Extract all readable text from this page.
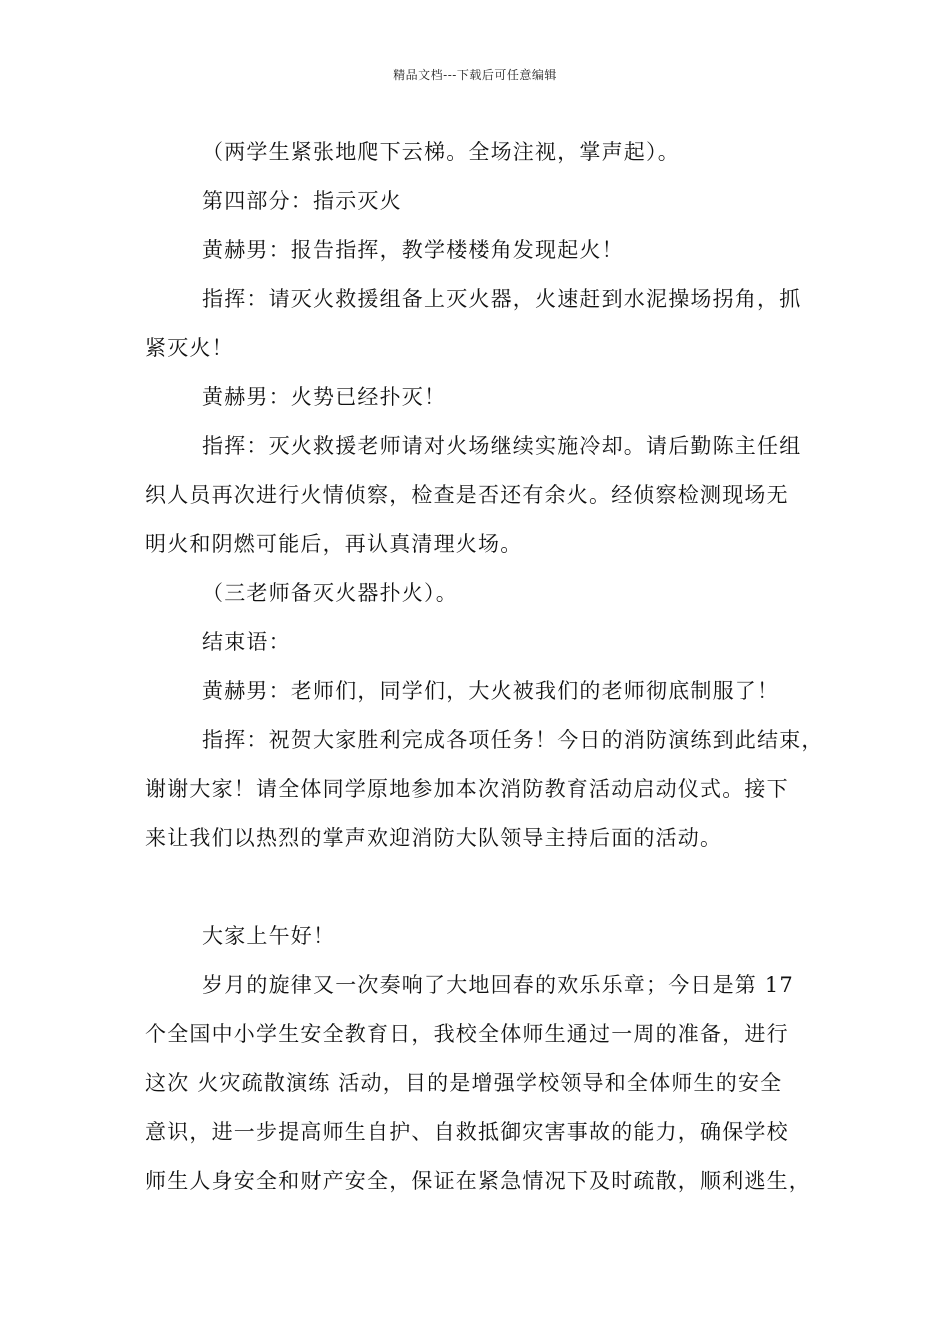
精品文档---下载后可任意编辑

（两学生紧张地爬下云梯。全场注视，掌声起）。

第四部分：指示灭火

黄赫男：报告指挥，教学楼楼角发现起火！

指挥：请灭火救援组备上灭火器，火速赶到水泥操场拐角，抓

紧灭火！

黄赫男：火势已经扑灭！

指挥：灭火救援老师请对火场继续实施冷却。请后勤陈主任组

织人员再次进行火情侦察，检查是否还有余火。经侦察检测现场无

明火和阴燃可能后，再认真清理火场。

（三老师备灭火器扑火）。

结束语：

黄赫男：老师们，同学们，大火被我们的老师彻底制服了！

指挥：祝贺大家胜利完成各项任务！今日的消防演练到此结束，

谢谢大家！请全体同学原地参加本次消防教育活动启动仪式。接下

来让我们以热烈的掌声欢迎消防大队领导主持后面的活动。

大家上午好！

岁月的旋律又一次奏响了大地回春的欢乐乐章；今日是第 17

个全国中小学生安全教育日，我校全体师生通过一周的准备，进行

这次 火灾疏散演练 活动，目的是增强学校领导和全体师生的安全

意识，进一步提高师生自护、自救抵御灾害事故的能力，确保学校

师生人身安全和财产安全，保证在紧急情况下及时疏散，顺利逃生，
